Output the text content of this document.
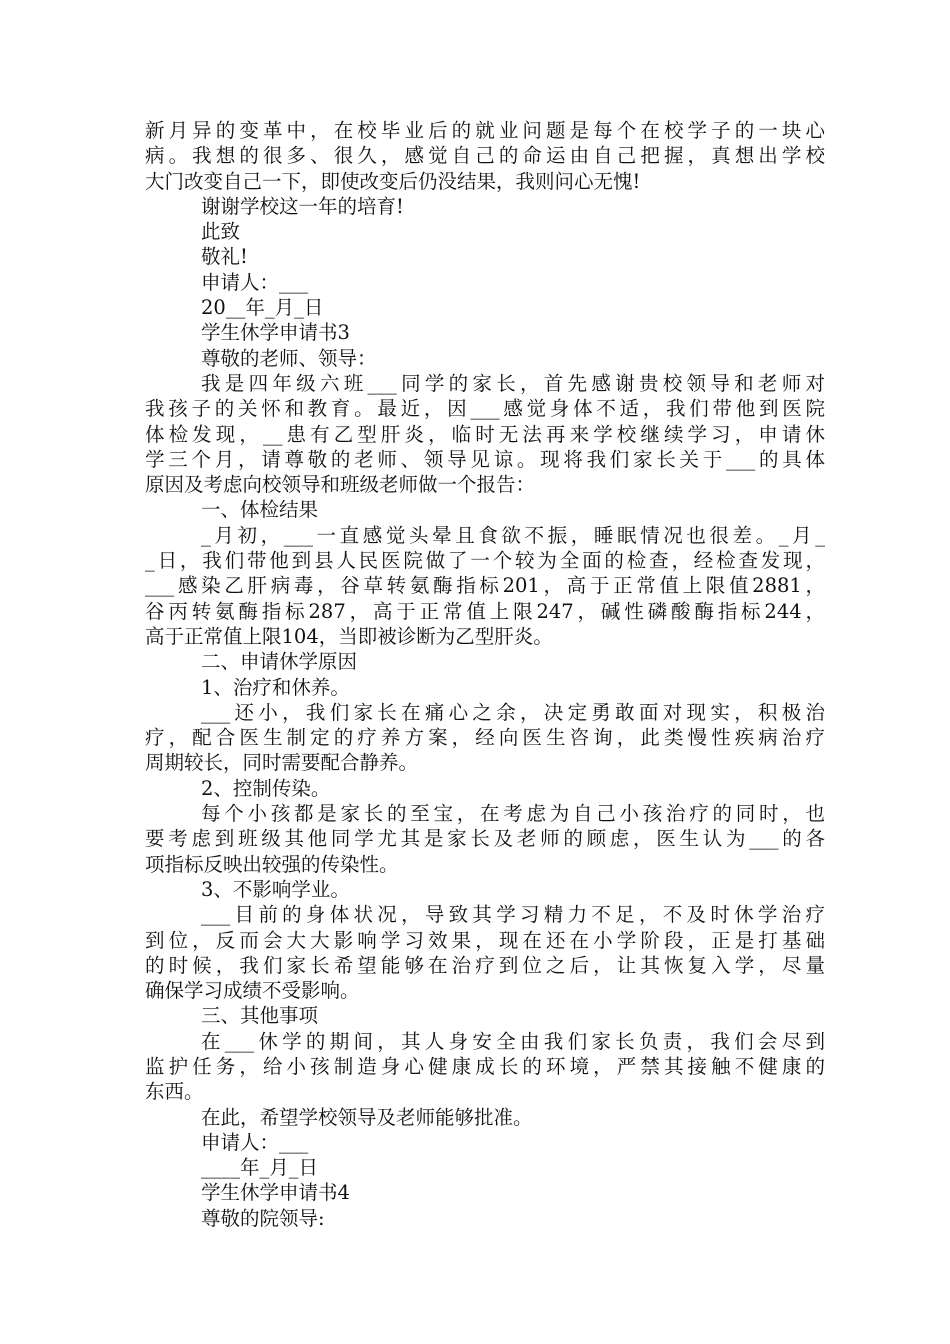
新月异的变革中，在校毕业后的就业问题是每个在校学子的一块心
病。我想的很多、很久，感觉自己的命运由自己把握，真想出学校
大门改变自己一下，即使改变后仍没结果，我则问心无愧!
谢谢学校这一年的培育!
此致
敬礼!
申请人：___
20__年_月_日
学生休学申请书3
尊敬的老师、领导：
我是四年级六班___同学的家长，首先感谢贵校领导和老师对
我孩子的关怀和教育。最近，因___感觉身体不适，我们带他到医院
体检发现，__患有乙型肝炎，临时无法再来学校继续学习，申请休
学三个月，请尊敬的老师、领导见谅。现将我们家长关于___的具体
原因及考虑向校领导和班级老师做一个报告：
一、体检结果
_月初，___一直感觉头晕且食欲不振，睡眠情况也很差。_月_
_日，我们带他到县人民医院做了一个较为全面的检查，经检查发现，
___感染乙肝病毒，谷草转氨酶指标201，高于正常值上限值2881，
谷丙转氨酶指标287，高于正常值上限247，碱性磷酸酶指标244，
高于正常值上限104，当即被诊断为乙型肝炎。
二、申请休学原因
1、治疗和休养。
___还小，我们家长在痛心之余，决定勇敢面对现实，积极治
疗，配合医生制定的疗养方案，经向医生咨询，此类慢性疾病治疗
周期较长，同时需要配合静养。
2、控制传染。
每个小孩都是家长的至宝，在考虑为自己小孩治疗的同时，也
要考虑到班级其他同学尤其是家长及老师的顾虑，医生认为___的各
项指标反映出较强的传染性。
3、不影响学业。
___目前的身体状况，导致其学习精力不足，不及时休学治疗
到位，反而会大大影响学习效果，现在还在小学阶段，正是打基础
的时候，我们家长希望能够在治疗到位之后，让其恢复入学，尽量
确保学习成绩不受影响。
三、其他事项
在___休学的期间，其人身安全由我们家长负责，我们会尽到
监护任务，给小孩制造身心健康成长的环境，严禁其接触不健康的
东西。
在此，希望学校领导及老师能够批准。
申请人：___
____年_月_日
学生休学申请书4
尊敬的院领导:
